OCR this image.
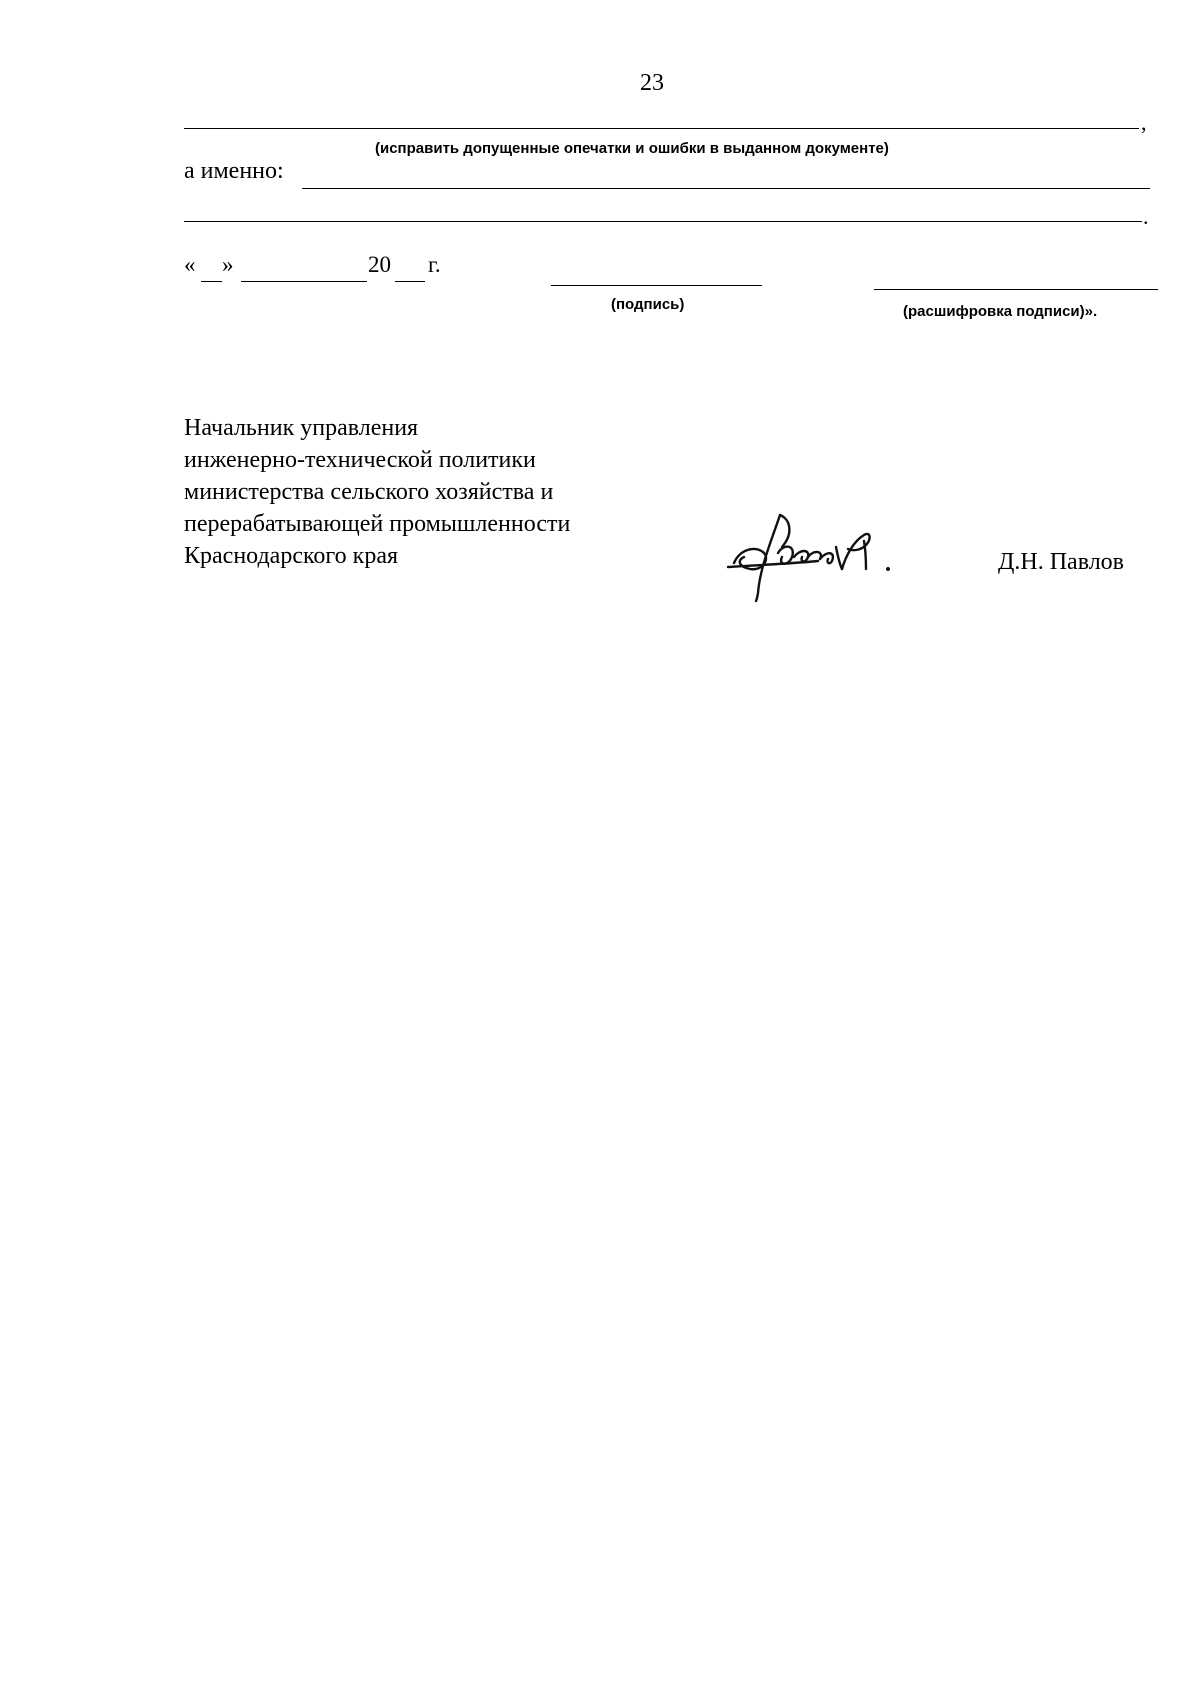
23
,
(исправить допущенные опечатки и ошибки в выданном документе)
а именно:
.
« »	20 г.
(подпись)	(расшифровка подписи)».
Начальник управления
инженерно-технической политики
министерства сельского хозяйства и
перерабатывающей промышленности
Краснодарского края	Д.Н. Павлов
